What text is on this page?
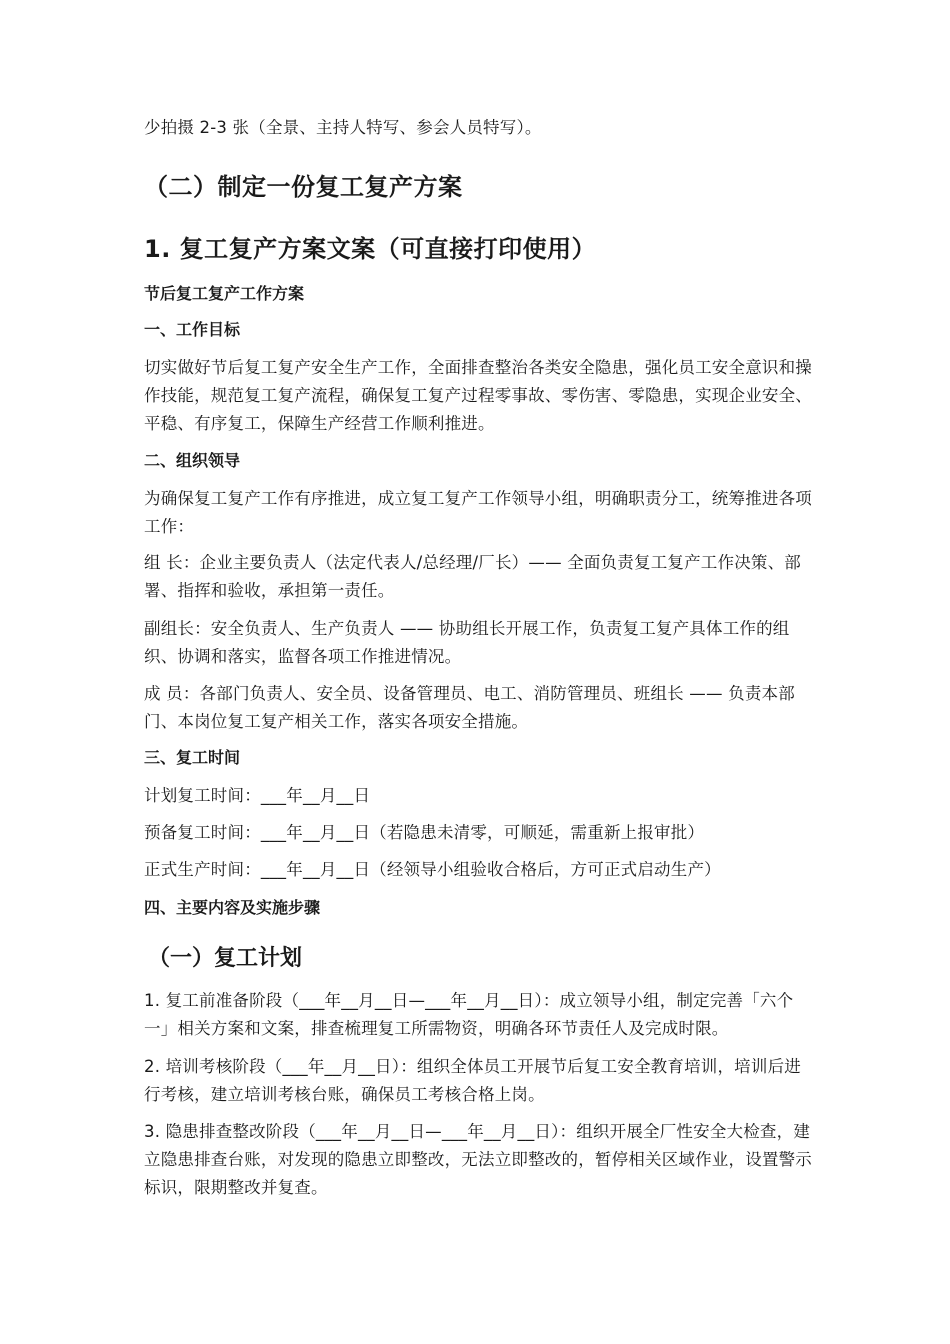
少拍摄 2-3 张（全景、主持人特写、参会人员特写）。
（二）制定一份复工复产方案
1. 复工复产方案文案（可直接打印使用）
节后复工复产工作方案
一、工作目标
切实做好节后复工复产安全生产工作，全面排查整治各类安全隐患，强化员工安全意识和操作技能，规范复工复产流程，确保复工复产过程零事故、零伤害、零隐患，实现企业安全、平稳、有序复工，保障生产经营工作顺利推进。
二、组织领导
为确保复工复产工作有序推进，成立复工复产工作领导小组，明确职责分工，统筹推进各项工作：
组 长：企业主要负责人（法定代表人/总经理/厂长）—— 全面负责复工复产工作决策、部署、指挥和验收，承担第一责任。
副组长：安全负责人、生产负责人 —— 协助组长开展工作，负责复工复产具体工作的组织、协调和落实，监督各项工作推进情况。
成 员：各部门负责人、安全员、设备管理员、电工、消防管理员、班组长 —— 负责本部门、本岗位复工复产相关工作，落实各项安全措施。
三、复工时间
计划复工时间：___年__月__日
预备复工时间：___年__月__日（若隐患未清零，可顺延，需重新上报审批）
正式生产时间：___年__月__日（经领导小组验收合格后，方可正式启动生产）
四、主要内容及实施步骤
（一）复工计划
1. 复工前准备阶段（___年__月__日—___年__月__日）：成立领导小组，制定完善「六个一」相关方案和文案，排查梳理复工所需物资，明确各环节责任人及完成时限。
2. 培训考核阶段（___年__月__日）：组织全体员工开展节后复工安全教育培训，培训后进行考核，建立培训考核台账，确保员工考核合格上岗。
3. 隐患排查整改阶段（___年__月__日—___年__月__日）：组织开展全厂性安全大检查，建立隐患排查台账，对发现的隐患立即整改，无法立即整改的，暂停相关区域作业，设置警示标识，限期整改并复查。
